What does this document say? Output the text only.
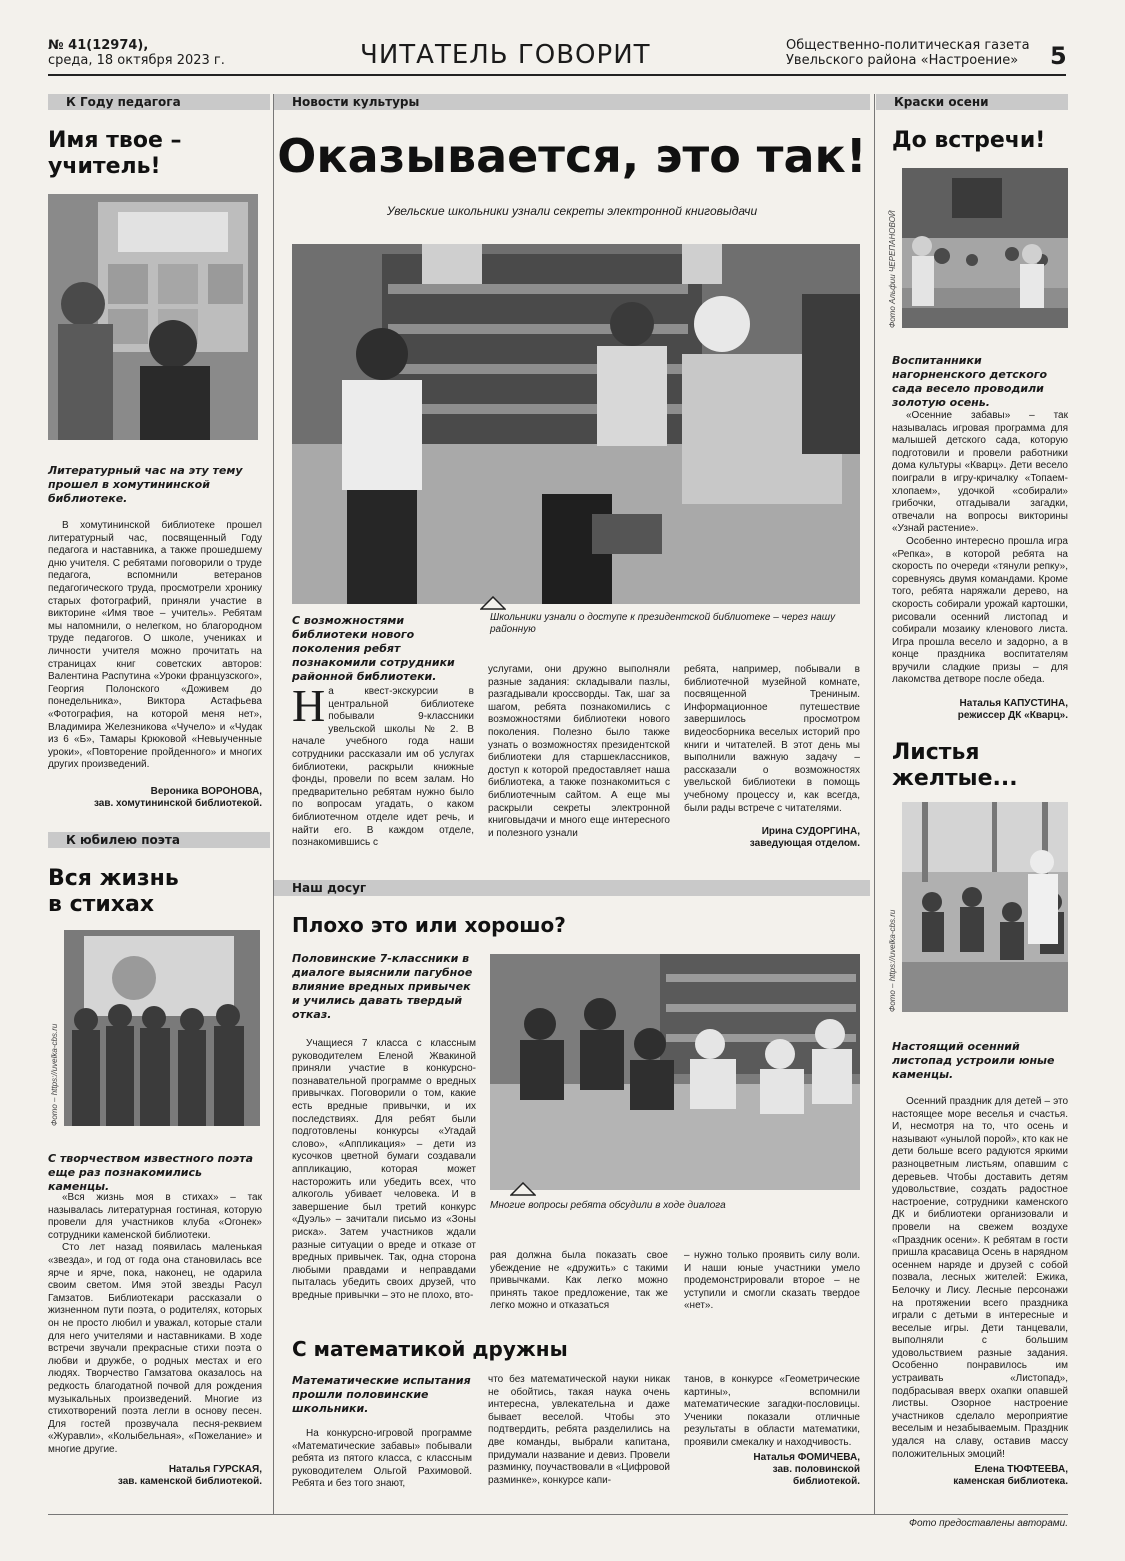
№ 41(12974),
среда, 18 октября 2023 г.	ЧИТАТЕЛЬ ГОВОРИТ	Общественно-политическая газета
Увельского района «Настроение»	5
К Году педагога	Новости культуры	Краски осени
К юбилею поэта
Наш досуг
Имя твое –
учитель!
Литературный час на эту тему прошел в хомутининской библиотеке.

В хомутининской библиотеке прошел литературный час, посвященный Году педагога и наставника, а также прошедшему дню учителя. С ребятами поговорили о труде педагога, вспомнили ветеранов педагогического труда, просмотрели хронику старых фотографий, приняли участие в викторине «Имя твое – учитель». Ребятам мы напомнили, о нелегком, но благородном труде педагогов. О школе, учениках и личности учителя можно прочитать на страницах книг советских авторов: Валентина Распутина «Уроки французского», Георгия Полонского «Доживем до понедельника», Виктора Астафьева «Фотография, на которой меня нет», Владимира Железникова «Чучело» и «Чудак из 6 «Б», Тамары Крюковой «Невыученные уроки», «Повторение пройденного» и многих других произведений.

Вероника ВОРОНОВА,
зав. хомутининской библиотекой.
Вся жизнь
в стихах
Фото – https://uvelka-cbs.ru
С творчеством известного поэта еще раз познакомились каменцы.

«Вся жизнь моя в стихах» – так называлась литературная гостиная, которую провели для участников клуба «Огонек» сотрудники каменской библиотеки.

Сто лет назад появилась маленькая «звезда», и год от года она становилась все ярче и ярче, пока, наконец, не одарила своим светом. Имя этой звезды Расул Гамзатов. Библиотекари рассказали о жизненном пути поэта, о родителях, которых он не просто любил и уважал, которые стали для него учителями и наставниками. В ходе встречи звучали прекрасные стихи поэта о любви и дружбе, о родных местах и его людях. Творчество Гамзатова оказалось на редкость благодатной почвой для рождения музыкальных произведений. Многие из стихотворений поэта легли в основу песен. Для гостей прозвучала песня-реквием «Журавли», «Колыбельная», «Пожелание» и многие другие.

Наталья ГУРСКАЯ,
зав. каменской библиотекой.
Оказывается, это так!
Увельские школьники узнали секреты электронной книговыдачи
С возможностями библиотеки нового поколения ребят познакомили сотрудники районной библиотеки.
Школьники узнали о доступе к президентской библиотеке – через нашу районную
На квест-экскурсии в центральной библиотеке побывали 9-классники увельской школы № 2. В начале учебного года наши сотрудники рассказали им об услугах библиотеки, раскрыли книжные фонды, провели по всем залам. Но предварительно ребятам нужно было по вопросам угадать, о каком библиотечном отделе идет речь, и найти его. В каждом отделе, познакомившись с
услугами, они дружно выполняли разные задания: складывали пазлы, разгадывали кроссворды. Так, шаг за шагом, ребята познакомились с возможностями библиотеки нового поколения. Полезно было также узнать о возможностях президентской библиотеки для старшеклассников, доступ к которой предоставляет наша библиотека, а также познакомиться с библиотечным сайтом. А еще мы раскрыли секреты электронной книговыдачи и много еще интересного и полезного узнали
ребята, например, побывали в библиотечной музейной комнате, посвященной Трениным. Информационное путешествие завершилось просмотром видеосборника веселых историй про книги и читателей. В этот день мы выполнили важную задачу – рассказали о возможностях увельской библиотеки в помощь учебному процессу и, как всегда, были рады встрече с читателями.
Ирина СУДОРГИНА,
заведующая отделом.
Плохо это или хорошо?
Половинские 7-классники в диалоге выяснили пагубное влияние вредных привычек и учились давать твердый отказ.
Многие вопросы ребята обсудили в ходе диалога

Учащиеся 7 класса с классным руководителем Еленой Жвакиной приняли участие в конкурсно-познавательной программе о вредных привычках. Поговорили о том, какие есть вредные привычки, и их последствиях. Для ребят были подготовлены конкурсы «Угадай слово», «Аппликация» – дети из кусочков цветной бумаги создавали аппликацию, которая может насторожить или убедить всех, что алкоголь убивает человека. И в завершение был третий конкурс «Дуэль» – зачитали письмо из «Зоны риска». Затем участников ждали разные ситуации о вреде и отказе от вредных привычек. Так, одна сторона любыми правдами и неправдами пыталась убедить своих друзей, что вредные привычки – это не плохо, вто-

рая должна была показать свое убеждение не «дружить» с такими привычками. Как легко можно принять такое предложение, так же легко можно и отказаться
– нужно только проявить силу воли. И наши юные участники умело продемонстрировали второе – не уступили и смогли сказать твердое «нет».
С математикой дружны
Математические испытания прошли половинские школьники.

На конкурсно-игровой программе «Математические забавы» побывали ребята из пятого класса, с классным руководителем Ольгой Рахимовой. Ребята и без того знают,

что без математической науки никак не обойтись, такая наука очень интересна, увлекательна и даже бывает веселой. Чтобы это подтвердить, ребята разделились на две команды, выбрали капитана, придумали название и девиз. Провели разминку, поучаствовали в «Цифровой разминке», конкурсе капи-
танов, в конкурсе «Геометрические картины», вспомнили математические загадки-пословицы. Ученики показали отличные результаты в области математики, проявили смекалку и находчивость.
Наталья ФОМИЧЕВА,
зав. половинской
библиотекой.
До встречи!
Фото Альфии ЧЕРЕПАНОВОЙ
Воспитанники нагорненского детского сада весело проводили золотую осень.

«Осенние забавы» – так называлась игровая программа для малышей детского сада, которую подготовили и провели работники дома культуры «Кварц». Дети весело поиграли в игру-кричалку «Топаем-хлопаем», удочкой «собирали» грибочки, отгадывали загадки, отвечали на вопросы викторины «Узнай растение».

Особенно интересно прошла игра «Репка», в которой ребята на скорость по очереди «тянули репку», соревнуясь двумя командами. Кроме того, ребята наряжали дерево, на скорость собирали урожай картошки, рисовали осенний листопад и собирали мозаику кленового листа. Игра прошла весело и задорно, а в конце праздника воспитателям вручили сладкие призы – для лакомства детворе после обеда.

Наталья КАПУСТИНА,
режиссер ДК «Кварц».
Листья
желтые...
Фото – https://uvelka-cbs.ru
Настоящий осенний листопад устроили юные каменцы.

Осенний праздник для детей – это настоящее море веселья и счастья. И, несмотря на то, что осень и называют «унылой порой», кто как не дети больше всего радуются яркими разноцветным листьям, опавшим с деревьев. Чтобы доставить детям удовольствие, создать радостное настроение, сотрудники каменского ДК и библиотеки организовали и провели на свежем воздухе «Праздник осени». К ребятам в гости пришла красавица Осень в нарядном осеннем наряде и друзей с собой позвала, лесных жителей: Ежика, Белочку и Лису. Лесные персонажи на протяжении всего праздника играли с детьми в интересные и веселые игры. Дети танцевали, выполняли с большим удовольствием разные задания. Особенно понравилось им устраивать «Листопад», подбрасывая вверх охапки опавшей листвы. Озорное настроение участников сделало мероприятие веселым и незабываемым. Праздник удался на славу, оставив массу положительных эмоций!

Елена ТЮФТЕЕВА,
каменская библиотека.
Фото предоставлены авторами.
